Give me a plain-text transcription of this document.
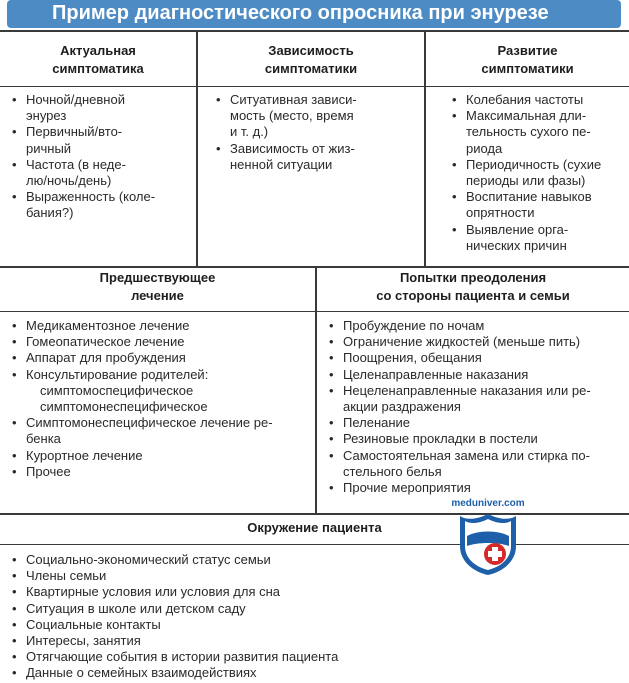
Пример диагностического опросника при энурезе
Актуальная
симптоматика
Зависимость
симптоматики
Развитие
симптоматики
• Ночной/дневной
энурез
• Первичный/вто-
ричный
• Частота (в неде-
лю/ночь/день)
• Выраженность (коле-
бания?)
• Ситуативная зависи-
мость (место, время
и т. д.)
• Зависимость от жиз-
ненной ситуации
• Колебания частоты
• Максимальная дли-
тельность сухого пе-
риода
• Периодичность (сухие
периоды или фазы)
• Воспитание навыков
опрятности
• Выявление орга-
нических причин
Предшествующее
лечение
Попытки преодоления
со стороны пациента и семьи
• Медикаментозное лечение
• Гомеопатическое лечение
• Аппарат для пробуждения
• Консультирование родителей:
симптомоспецифическое
симптомонеспецифическое
• Симптомонеспецифическое лечение ре-
бенка
• Курортное лечение
• Прочее
• Пробуждение по ночам
• Ограничение жидкостей (меньше пить)
• Поощрения, обещания
• Целенаправленные наказания
• Нецеленаправленные наказания или ре-
акции раздражения
• Пеленание
• Резиновые прокладки в постели
• Самостоятельная замена или стирка по-
стельного белья
• Прочие мероприятия
Окружение пациента
• Социально-экономический статус семьи
• Члены семьи
• Квартирные условия или условия для сна
• Ситуация в школе или детском саду
• Социальные контакты
• Интересы, занятия
• Отягчающие события в истории развития пациента
• Данные о семейных взаимодействиях
meduniver.com
